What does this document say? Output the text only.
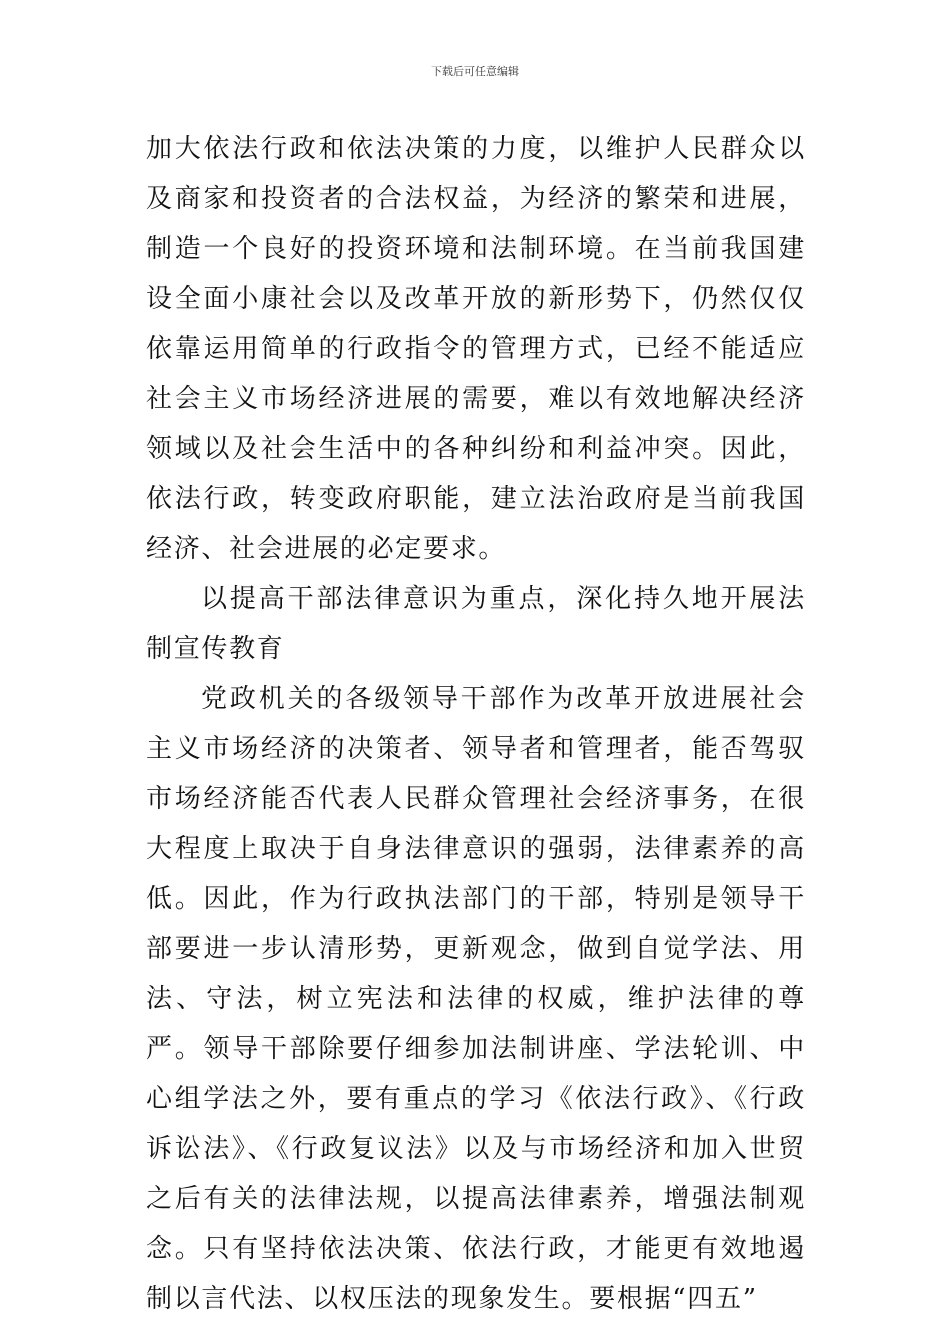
下载后可任意编辑

加大依法行政和依法决策的力度，以维护人民群众以及商家和投资者的合法权益，为经济的繁荣和进展，制造一个良好的投资环境和法制环境。在当前我国建设全面小康社会以及改革开放的新形势下，仍然仅仅依靠运用简单的行政指令的管理方式，已经不能适应社会主义市场经济进展的需要，难以有效地解决经济领域以及社会生活中的各种纠纷和利益冲突。因此，依法行政，转变政府职能，建立法治政府是当前我国经济、社会进展的必定要求。

以提高干部法律意识为重点，深化持久地开展法制宣传教育

党政机关的各级领导干部作为改革开放进展社会主义市场经济的决策者、领导者和管理者，能否驾驭市场经济能否代表人民群众管理社会经济事务，在很大程度上取决于自身法律意识的强弱，法律素养的高低。因此，作为行政执法部门的干部，特别是领导干部要进一步认清形势，更新观念，做到自觉学法、用法、守法，树立宪法和法律的权威，维护法律的尊严。领导干部除要仔细参加法制讲座、学法轮训、中心组学法之外，要有重点的学习《依法行政》、《行政诉讼法》、《行政复议法》以及与市场经济和加入世贸之后有关的法律法规，以提高法律素养，增强法制观念。只有坚持依法决策、依法行政，才能更有效地遏制以言代法、以权压法的现象发生。要根据“四五”
